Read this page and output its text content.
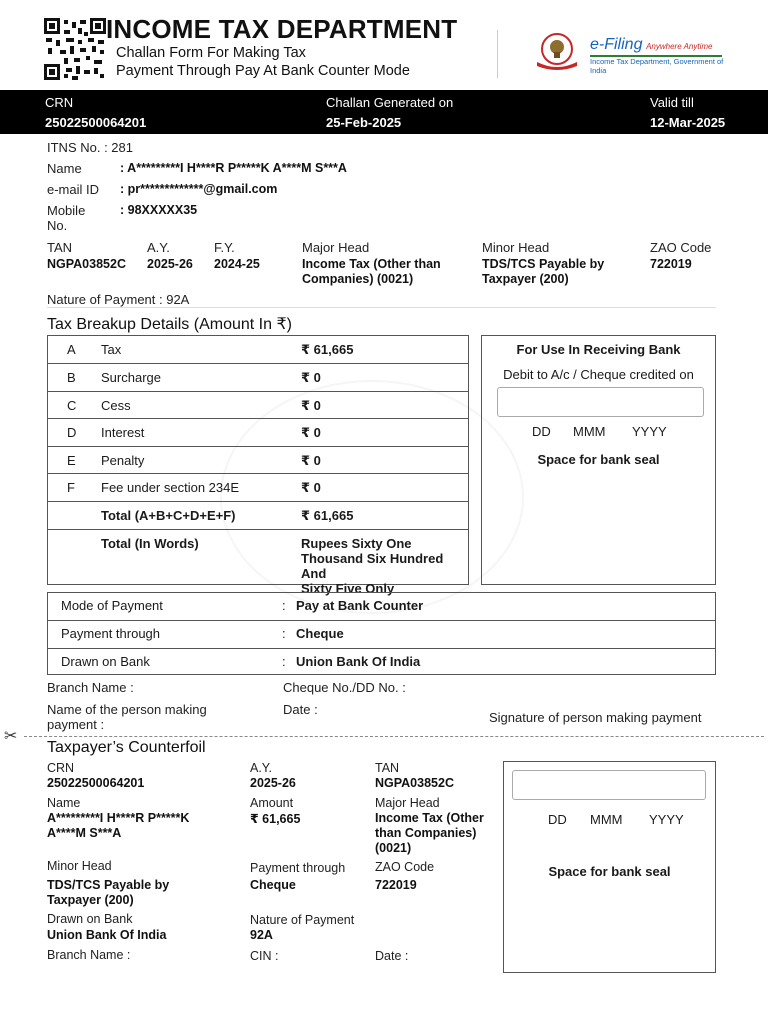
INCOME TAX DEPARTMENT
Challan Form For Making Tax
Payment Through Pay At Bank Counter Mode
e-Filing Anywhere Anytime
Income Tax Department, Government of India
CRN
25022500064201
Challan Generated on
25-Feb-2025
Valid till
12-Mar-2025
ITNS No. : 281
Name	: A*********I H****R P*****K A****M S***A
e-mail ID : pr*************@gmail.com
Mobile
No.
: 98XXXXX35
TAN
NGPA03852C
A.Y.
2025-26
F.Y.
2024-25
Major Head
Income Tax (Other than
Companies) (0021)
Minor Head
TDS/TCS Payable by
Taxpayer (200)
ZAO Code
722019
Nature of Payment : 92A
Tax Breakup Details (Amount In ₹)
A Tax	₹ 61,665
B Surcharge	₹ 0
C Cess	₹ 0
D Interest	₹ 0
E Penalty	₹ 0
F Fee under section 234E	₹ 0
Total (A+B+C+D+E+F)	₹ 61,665
Total (In Words)	Rupees Sixty One
Thousand Six Hundred And
Sixty Five Only
For Use In Receiving Bank
Debit to A/c / Cheque credited on
DD MMM YYYY
Space for bank seal
Mode of Payment	: Pay at Bank Counter
Payment through	: Cheque
Drawn on Bank	: Union Bank Of India
Branch Name :	Cheque No./DD No. :
Name of the person making
payment :
Date :
Signature of person making payment
✂
Taxpayer’s Counterfoil
CRN
25022500064201
A.Y.
2025-26
TAN
NGPA03852C
Name
A*********I H****R P*****K
A****M S***A
Amount
₹ 61,665
Major Head
Income Tax (Other
than Companies)
(0021)
Minor Head
TDS/TCS Payable by
Taxpayer (200)
Payment through
Cheque
ZAO Code
722019
Drawn on Bank
Union Bank Of India
Nature of Payment
92A
Branch Name :	CIN :	Date :
DD MMM YYYY
Space for bank seal
